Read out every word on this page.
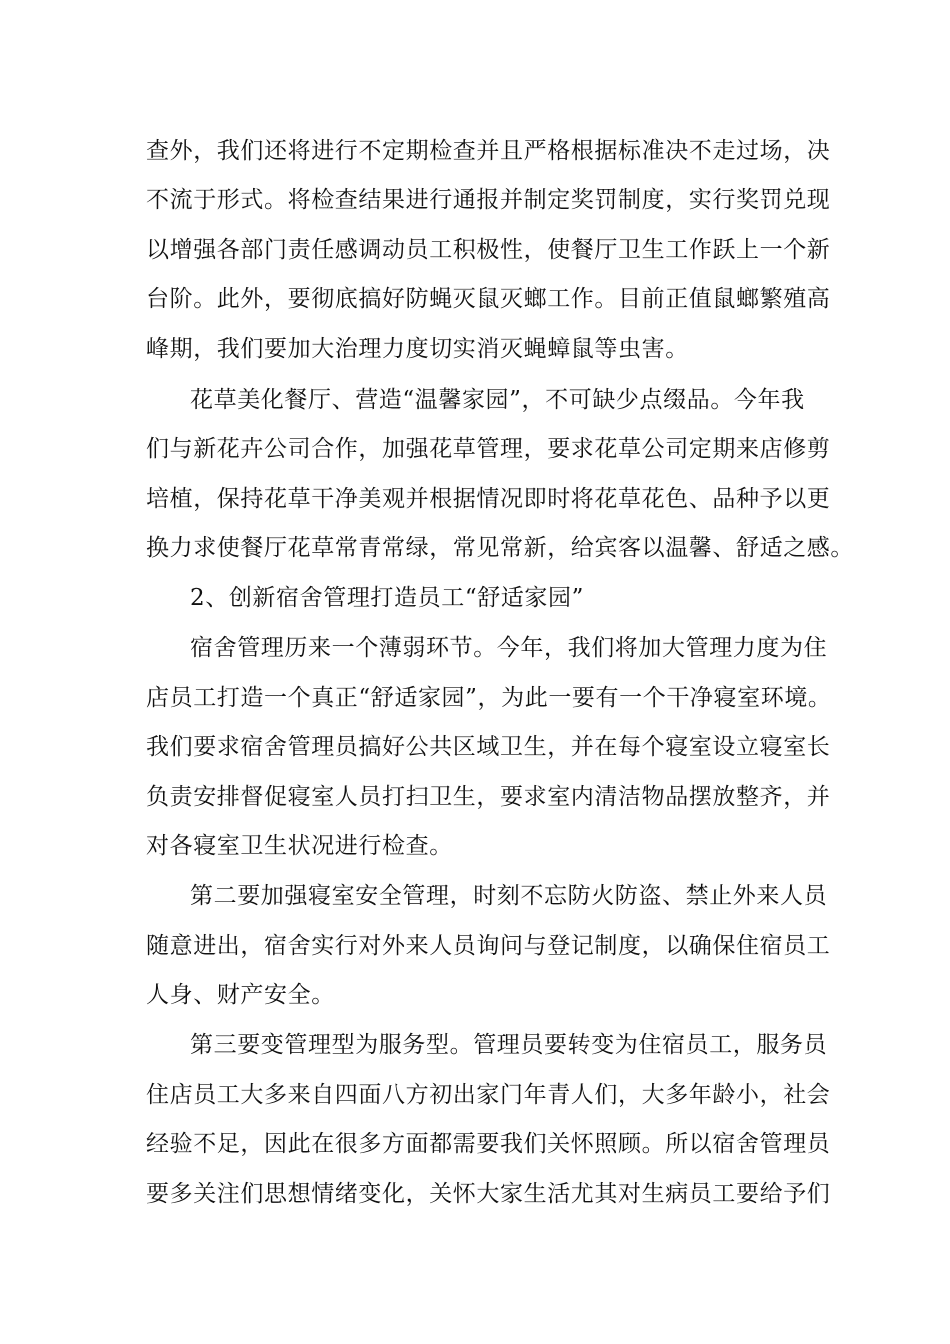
查外，我们还将进行不定期检查并且严格根据标准决不走过场，决
不流于形式。将检查结果进行通报并制定奖罚制度，实行奖罚兑现
以增强各部门责任感调动员工积极性，使餐厅卫生工作跃上一个新
台阶。此外，要彻底搞好防蝇灭鼠灭螂工作。目前正值鼠螂繁殖高
峰期，我们要加大治理力度切实消灭蝇蟑鼠等虫害。
花草美化餐厅、营造“温馨家园”，不可缺少点缀品。今年我
们与新花卉公司合作，加强花草管理，要求花草公司定期来店修剪
培植，保持花草干净美观并根据情况即时将花草花色、品种予以更
换力求使餐厅花草常青常绿，常见常新，给宾客以温馨、舒适之感。
2、创新宿舍管理打造员工“舒适家园”
宿舍管理历来一个薄弱环节。今年，我们将加大管理力度为住
店员工打造一个真正“舒适家园”，为此一要有一个干净寝室环境。
我们要求宿舍管理员搞好公共区域卫生，并在每个寝室设立寝室长
负责安排督促寝室人员打扫卫生，要求室内清洁物品摆放整齐，并
对各寝室卫生状况进行检查。
第二要加强寝室安全管理，时刻不忘防火防盗、禁止外来人员
随意进出，宿舍实行对外来人员询问与登记制度，以确保住宿员工
人身、财产安全。
第三要变管理型为服务型。管理员要转变为住宿员工，服务员
住店员工大多来自四面八方初出家门年青人们，大多年龄小，社会
经验不足，因此在很多方面都需要我们关怀照顾。所以宿舍管理员
要多关注们思想情绪变化，关怀大家生活尤其对生病员工要给予们
